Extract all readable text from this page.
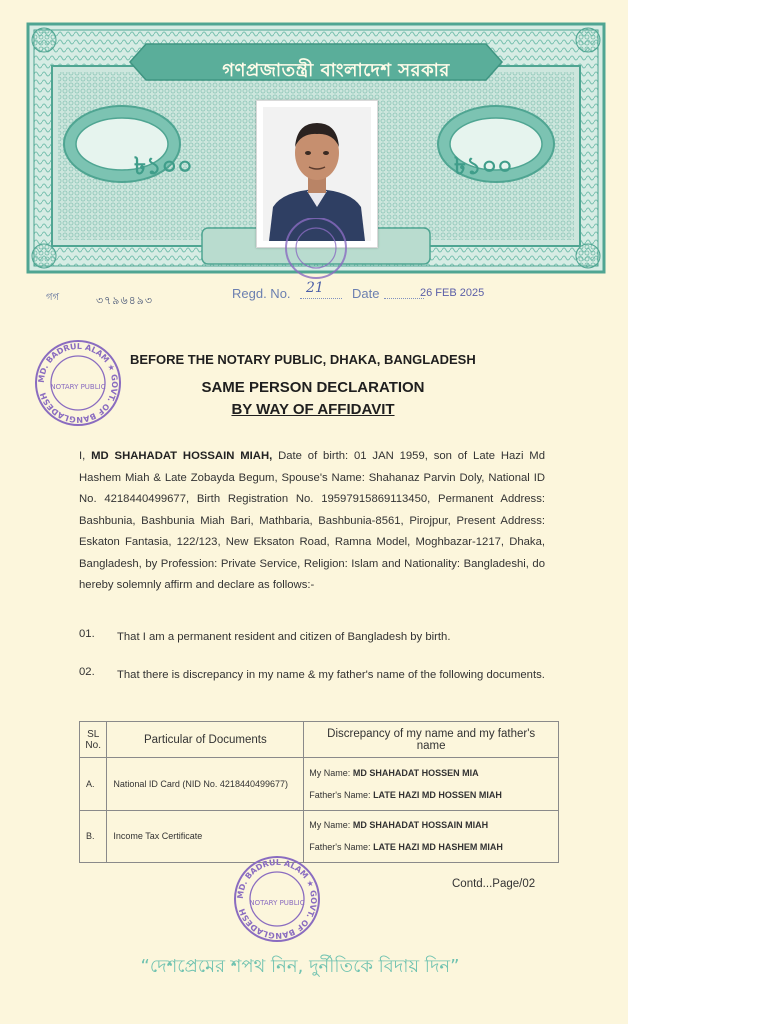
গণপ্রজাতন্ত্রী বাংলাদেশ সরকার
৳১০০	৳১০০
গগ	৩৭৯৬৪৯৩	Regd. No. 21 Date	26 FEB 2025
MD. BADRUL ALAM ★ GOVT. OF BANGLADESH
NOTARY PUBLIC
BEFORE THE NOTARY PUBLIC, DHAKA, BANGLADESH
SAME PERSON DECLARATION
BY WAY OF AFFIDAVIT
I, MD SHAHADAT HOSSAIN MIAH, Date of birth: 01 JAN 1959, son of Late Hazi Md Hashem Miah & Late Zobayda Begum, Spouse's Name: Shahanaz Parvin Doly, National ID No. 4218440499677, Birth Registration No. 19597915869113450, Permanent Address: Bashbunia, Bashbunia Miah Bari, Mathbaria, Bashbunia-8561, Pirojpur, Present Address: Eskaton Fantasia, 122/123, New Eksaton Road, Ramna Model, Moghbazar-1217, Dhaka, Bangladesh, by Profession: Private Service, Religion: Islam and Nationality: Bangladeshi, do hereby solemnly affirm and declare as follows:-
01. That I am a permanent resident and citizen of Bangladesh by birth.
02. That there is discrepancy in my name & my father's name of the following documents.
SL No.	Particular of Documents	Discrepancy of my name and my father's name
A.	National ID Card (NID No. 4218440499677)	My Name: MD SHAHADAT HOSSEN MIA
Father's Name: LATE HAZI MD HOSSEN MIAH

B.	Income Tax Certificate	My Name: MD SHAHADAT HOSSAIN MIAH
Father's Name: LATE HAZI MD HASHEM MIAH
MD. BADRUL ALAM ★ GOVT. OF BANGLADESH
NOTARY PUBLIC
Contd...Page/02
“দেশপ্রেমের শপথ নিন, দুর্নীতিকে বিদায় দিন”
